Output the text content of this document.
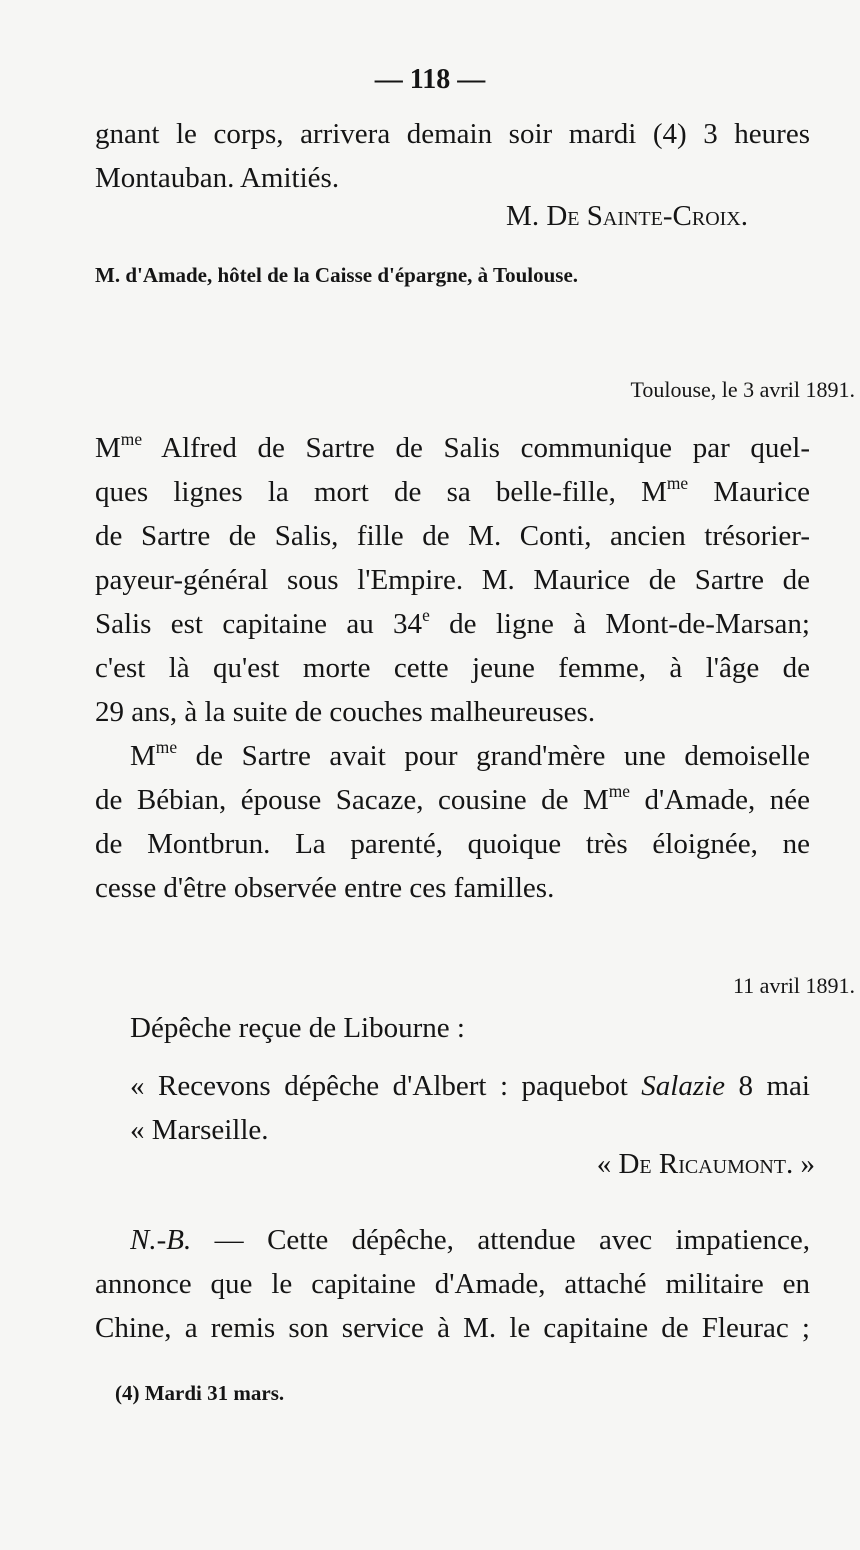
— 118 —
gnant le corps, arrivera demain soir mardi (4) 3 heures
Montauban. Amitiés.
M. De Sainte-Croix.
M. d'Amade, hôtel de la Caisse d'épargne, à Toulouse.
Toulouse, le 3 avril 1891.
$M^{me}$ Alfred de Sartre de Salis communique par quel-
ques lignes la mort de sa belle-fille, $M^{me}$ Maurice
de Sartre de Salis, fille de M. Conti, ancien trésorier-
payeur-général sous l'Empire. M. Maurice de Sartre de
Salis est capitaine au 34e de ligne à Mont-de-Marsan;
c'est là qu'est morte cette jeune femme, à l'âge de
29 ans, à la suite de couches malheureuses.
$M^{me}$ de Sartre avait pour grand'mère une demoiselle
de Bébian, épouse Sacaze, cousine de $M^{me}$ d'Amade, née
de Montbrun. La parenté, quoique très éloignée, ne
cesse d'être observée entre ces familles.
11 avril 1891.
Dépêche reçue de Libourne :
« Recevons dépêche d'Albert : paquebot Salazie 8 mai
« Marseille.
« De Ricaumont. »
N.-B. — Cette dépêche, attendue avec impatience,
annonce que le capitaine d'Amade, attaché militaire en
Chine, a remis son service à M. le capitaine de Fleurac ;
(4) Mardi 31 mars.
